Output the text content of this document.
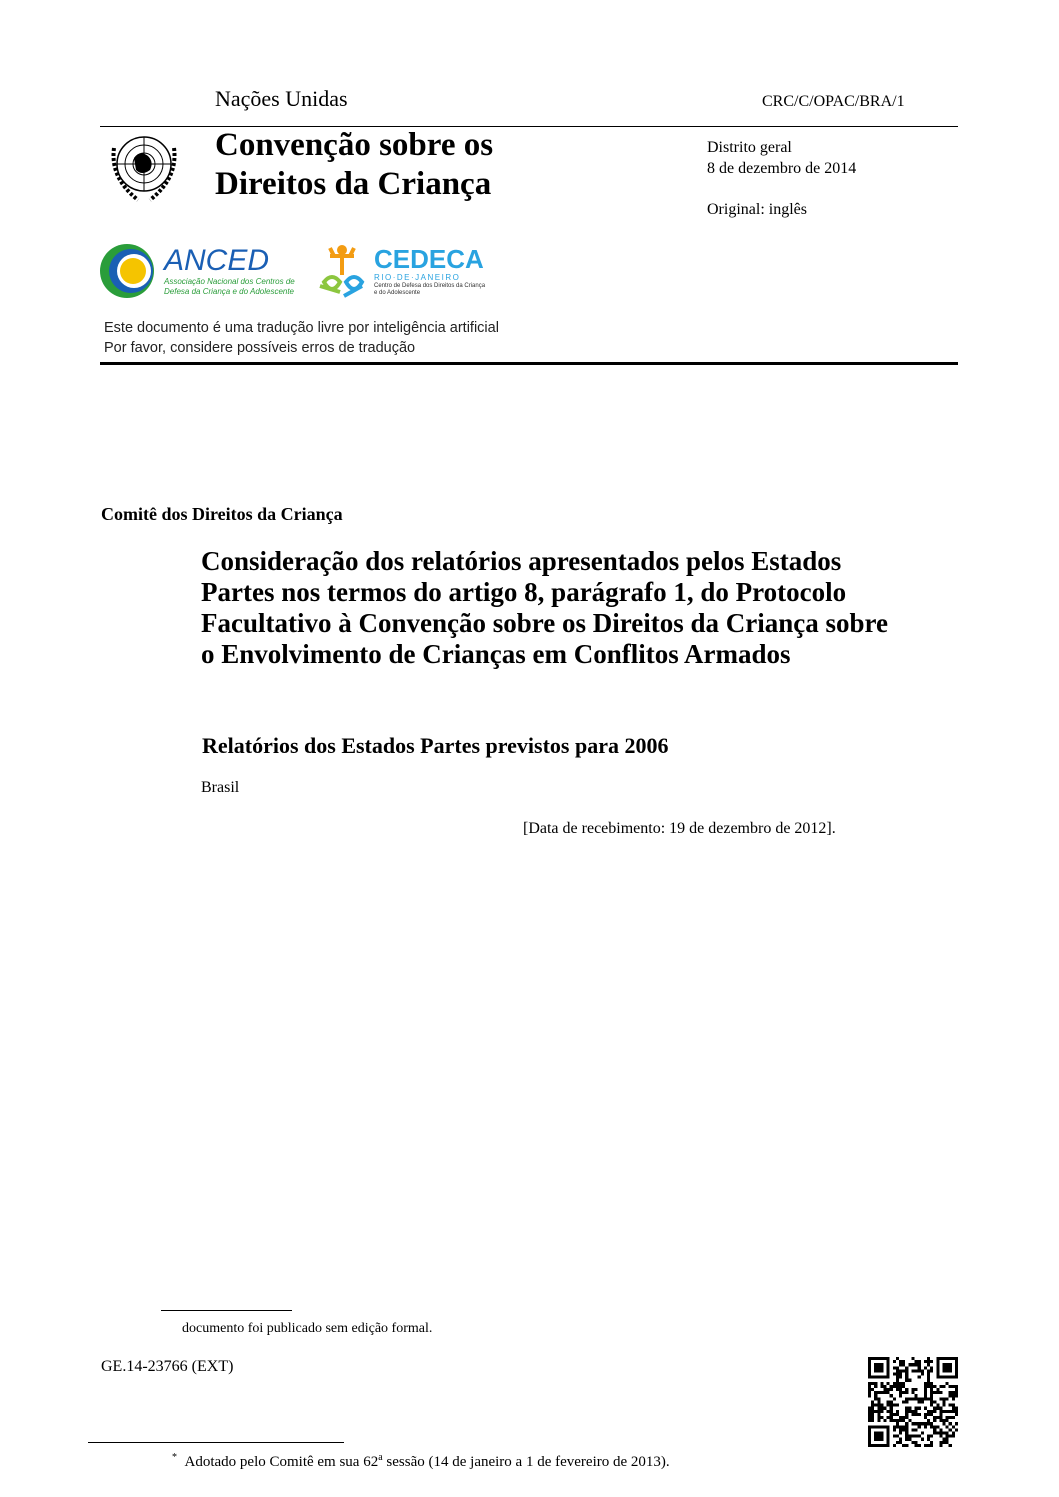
Nações Unidas	CRC/C/OPAC/BRA/1
Convenção sobre os
Direitos da Criança
Distrito geral
8 de dezembro de 2014
Original: inglês
ANCED
Associação Nacional dos Centros de
Defesa da Criança e do Adolescente
CEDECA
RIO·DE·JANEIRO
Centro de Defesa dos Direitos da Criança
e do Adolescente
Este documento é uma tradução livre por inteligência artificial
Por favor, considere possíveis erros de tradução
Comitê dos Direitos da Criança
Consideração dos relatórios apresentados pelos Estados Partes nos termos do artigo 8, parágrafo 1, do Protocolo Facultativo à Convenção sobre os Direitos da Criança sobre o Envolvimento de Crianças em Conflitos Armados
Relatórios dos Estados Partes previstos para 2006
Brasil
[Data de recebimento: 19 de dezembro de 2012].
documento foi publicado sem edição formal.
GE.14-23766 (EXT)
* Adotado pelo Comitê em sua 62$^a$ sessão (14 de janeiro a 1 de fevereiro de 2013).
